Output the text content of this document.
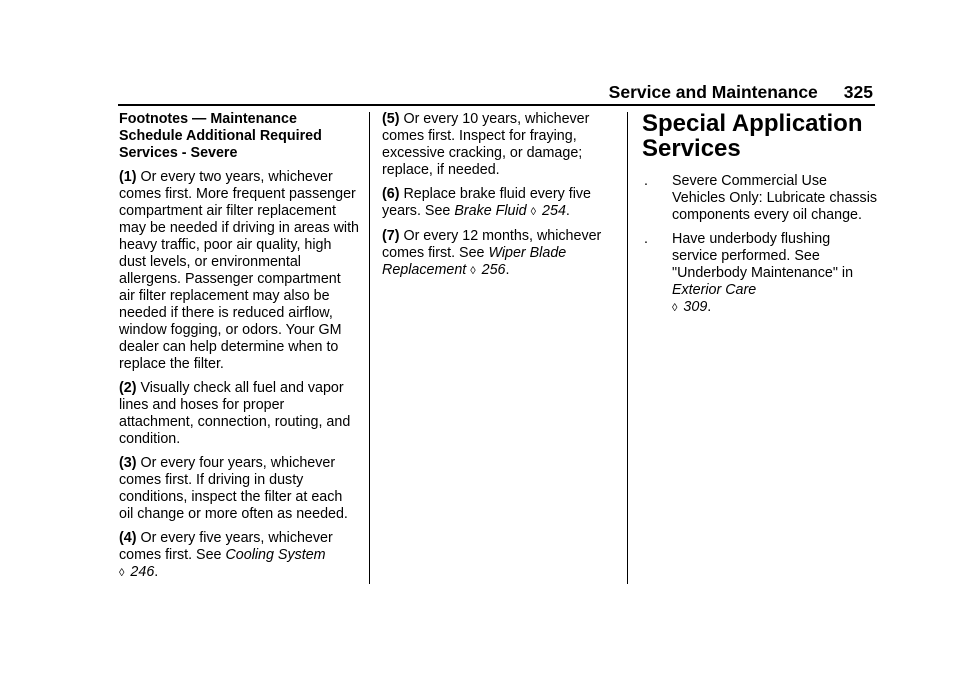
Service and Maintenance 325

Footnotes — Maintenance Schedule Additional Required Services - Severe

(1) Or every two years, whichever comes first. More frequent passenger compartment air filter replacement may be needed if driving in areas with heavy traffic, poor air quality, high dust levels, or environmental allergens. Passenger compartment air filter replacement may also be needed if there is reduced airflow, window fogging, or odors. Your GM dealer can help determine when to replace the filter.

(2) Visually check all fuel and vapor lines and hoses for proper attachment, connection, routing, and condition.

(3) Or every four years, whichever comes first. If driving in dusty conditions, inspect the filter at each oil change or more often as needed.

(4) Or every five years, whichever comes first. See Cooling System
◊ 246.

(5) Or every 10 years, whichever comes first. Inspect for fraying, excessive cracking, or damage; replace, if needed.

(6) Replace brake fluid every five years. See Brake Fluid ◊ 254.

(7) Or every 12 months, whichever comes first. See Wiper Blade Replacement ◊ 256.

Special Application Services
.	Severe Commercial Use Vehicles Only: Lubricate chassis components every oil change.
.	Have underbody flushing service performed. See "Underbody Maintenance" in Exterior Care
◊ 309.
